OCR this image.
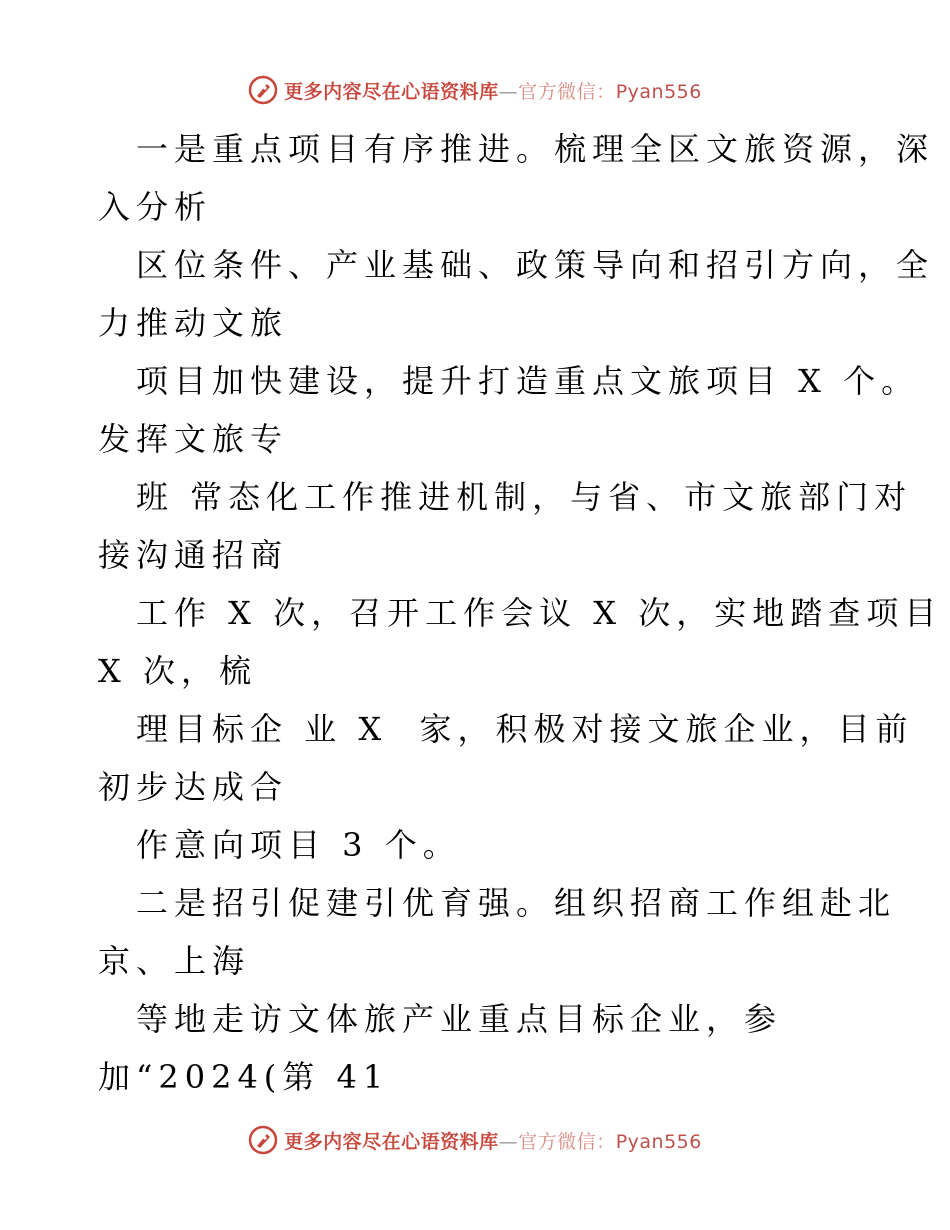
更多内容尽在心语资料库—官方微信：Pyan556
一是重点项目有序推进。梳理全区文旅资源，深
入分析
区位条件、产业基础、政策导向和招引方向，全
力推动文旅
项目加快建设，提升打造重点文旅项目 X 个。
发挥文旅专
班 常态化工作推进机制，与省、市文旅部门对
接沟通招商
工作 X 次，召开工作会议 X 次，实地踏查项目
X 次，梳
理目标企 业 X  家，积极对接文旅企业，目前
初步达成合
作意向项目 3 个。
二是招引促建引优育强。组织招商工作组赴北
京、上海
等地走访文体旅产业重点目标企业，参
加“2024(第 41
更多内容尽在心语资料库—官方微信：Pyan556
